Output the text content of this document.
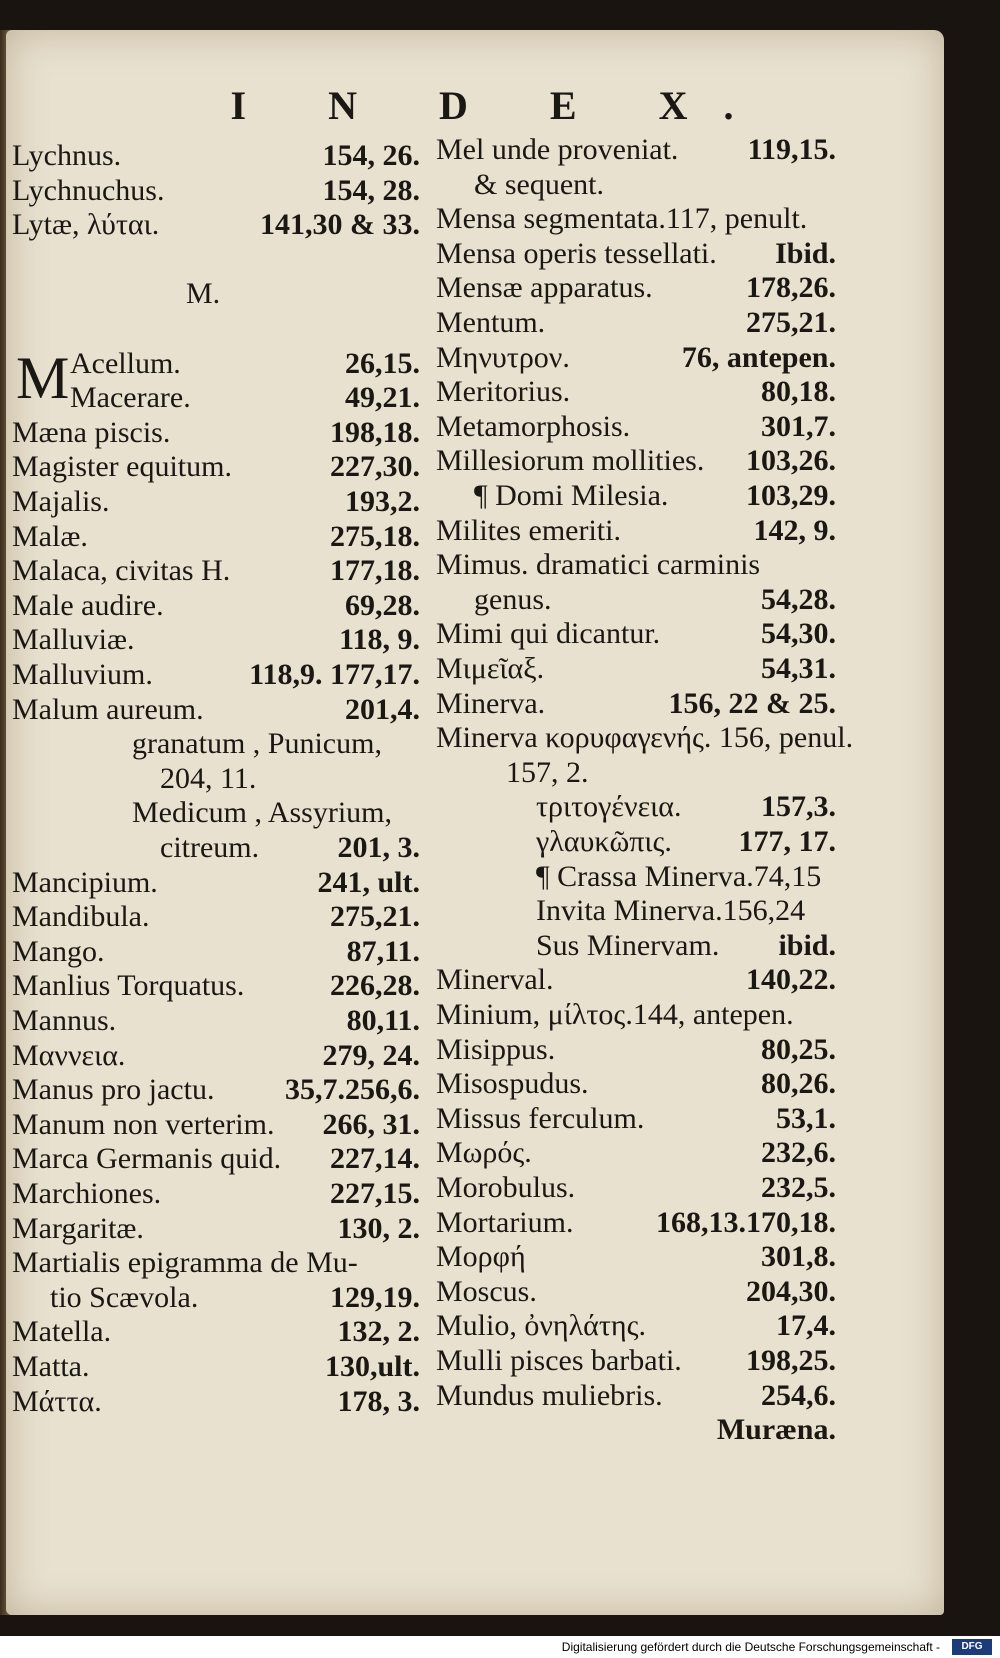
I N D E X.
M
Lychnus.	154, 26.
Lychnuchus.	154, 28.
Lytæ, λύται.	141,30 & 33.
M.
Acellum.	26,15.
Macerare.	49,21.
Mæna piscis.	198,18.
Magister equitum.	227,30.
Majalis.	193,2.
Malæ.	275,18.
Malaca, civitas H.	177,18.
Male audire.	69,28.
Malluviæ.	118, 9.
Malluvium.	118,9. 177,17.
Malum aureum.	201,4.
granatum , Punicum,
204, 11.
Medicum , Assyrium,
citreum.	201, 3.
Mancipium.	241, ult.
Mandibula.	275,21.
Mango.	87,11.
Manlius Torquatus.	226,28.
Mannus.	80,11.
Μαννεια.	279, 24.
Manus pro jactu. 35,7.256,6.
Manum non verterim. 266, 31.
Marca Germanis quid. 227,14.
Marchiones.	227,15.
Margaritæ.	130, 2.
Martialis epigramma de Mu-
tio Scævola.	129,19.
Matella.	132, 2.
Matta.	130,ult.
Μάττα.	178, 3.
Mel unde proveniat. 119,15.
& sequent.
Mensa segmentata.117, penult.
Mensa operis tessellati. Ibid.
Mensæ apparatus.	178,26.
Mentum.	275,21.
Μηνυτρον.	76, antepen.
Meritorius.	80,18.
Metamorphosis.	301,7.
Millesiorum mollities. 103,26.
¶ Domi Milesia.	103,29.
Milites emeriti.	142, 9.
Mimus. dramatici carminis
genus.	54,28.
Mimi qui dicantur.	54,30.
Μιμεῖαξ.	54,31.
Minerva.	156, 22 & 25.
Minerva κορυφαγενής. 156, penul.
157, 2.
τριτογένεια.	157,3.
γλαυκῶπις. 177, 17.
¶ Crassa Minerva.74,15
Invita Minerva.156,24
Sus Minervam. ibid.
Minerval.	140,22.
Minium, μίλτος.144, antepen.
Misippus.	80,25.
Misospudus.	80,26.
Missus ferculum.	53,1.
Μωρός.	232,6.
Morobulus.	232,5.
Mortarium.	168,13.170,18.
Μορφή	301,8.
Moscus.	204,30.
Mulio, ὀνηλάτης.	17,4.
Mulli pisces barbati. 198,25.
Mundus muliebris.	254,6.
Muræna.
Digitalisierung gefördert durch die Deutsche Forschungsgemeinschaft -	DFG
